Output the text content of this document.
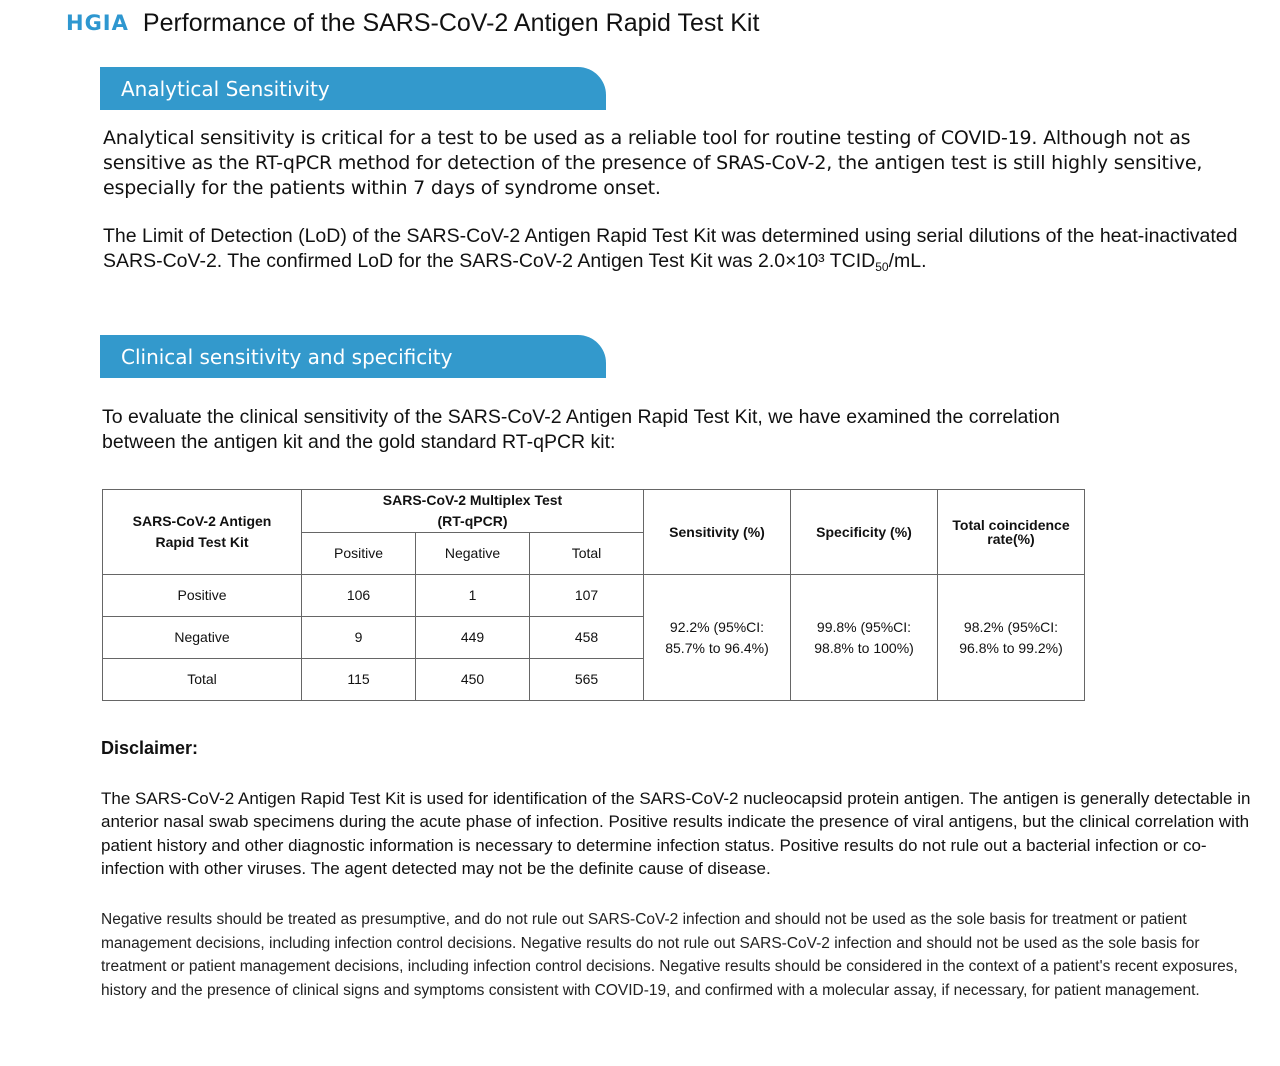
HGIA Performance of the SARS-CoV-2 Antigen Rapid Test Kit
Analytical Sensitivity

Analytical sensitivity is critical for a test to be used as a reliable tool for routine testing of COVID-19. Although not as sensitive as the RT-qPCR method for detection of the presence of SRAS-CoV-2, the antigen test is still highly sensitive, especially for the patients within 7 days of syndrome onset.

The Limit of Detection (LoD) of the SARS-CoV-2 Antigen Rapid Test Kit was determined using serial dilutions of the heat-inactivated SARS-CoV-2. The confirmed LoD for the SARS-CoV-2 Antigen Test Kit was 2.0×10³ $TCID_{50}/mL$.

Clinical sensitivity and specificity

To evaluate the clinical sensitivity of the SARS-CoV-2 Antigen Rapid Test Kit, we have examined the correlation between the antigen kit and the gold standard RT-qPCR kit:

SARS-CoV-2 Antigen Rapid Test Kit	SARS-CoV-2 Multiplex Test (RT-qPCR)			Sensitivity (%)	Specificity (%)	Total coincidence rate(%)
	Positive	Negative	Total			
Positive	106	1	107	92.2% (95%CI: 85.7% to 96.4%)	99.8% (95%CI: 98.8% to 100%)	98.2% (95%CI: 96.8% to 99.2%)
Negative	9	449	458			
Total	115	450	565			
Disclaimer:

The SARS-CoV-2 Antigen Rapid Test Kit is used for identification of the SARS-CoV-2 nucleocapsid protein antigen. The antigen is generally detectable in anterior nasal swab specimens during the acute phase of infection. Positive results indicate the presence of viral antigens, but the clinical correlation with patient history and other diagnostic information is necessary to determine infection status. Positive results do not rule out a bacterial infection or co-infection with other viruses. The agent detected may not be the definite cause of disease.

Negative results should be treated as presumptive, and do not rule out SARS-CoV-2 infection and should not be used as the sole basis for treatment or patient management decisions, including infection control decisions. Negative results do not rule out SARS-CoV-2 infection and should not be used as the sole basis for treatment or patient management decisions, including infection control decisions. Negative results should be considered in the context of a patient's recent exposures, history and the presence of clinical signs and symptoms consistent with COVID-19, and confirmed with a molecular assay, if necessary, for patient management.
